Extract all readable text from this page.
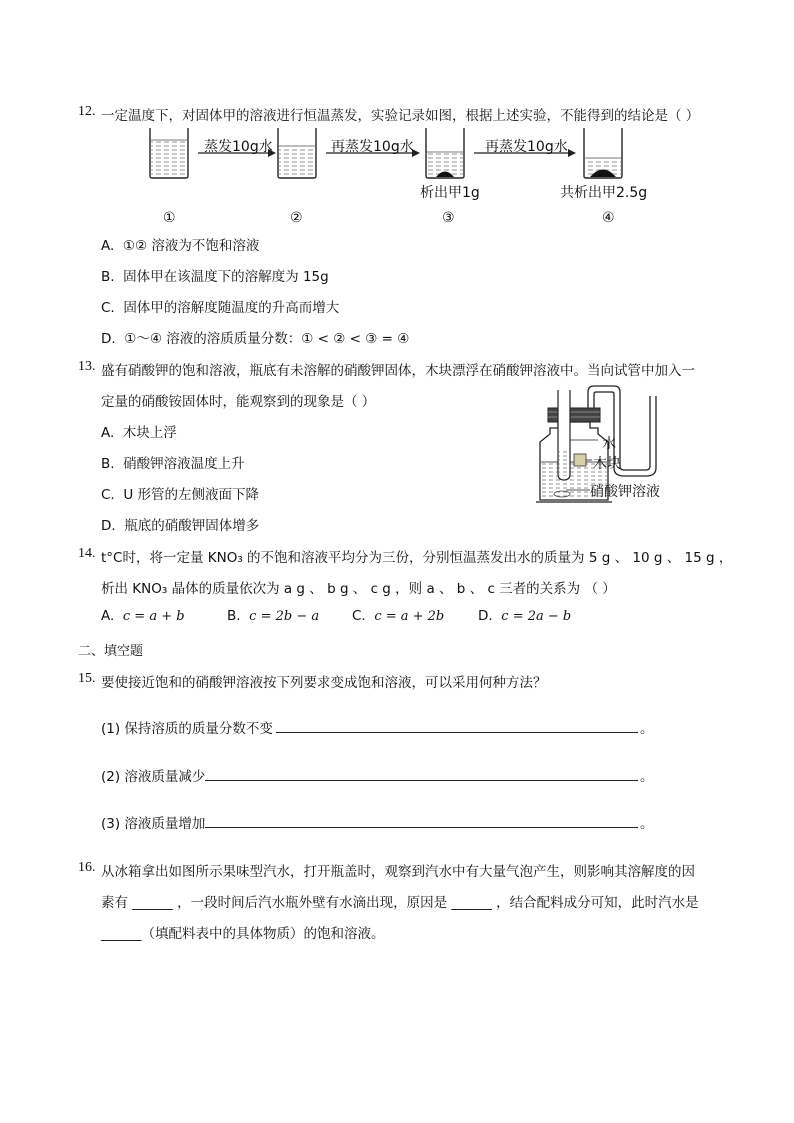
12. 一定温度下，对固体甲的溶液进行恒温蒸发，实验记录如图，根据上述实验，不能得到的结论是（ ）
蒸发10g水	再蒸发10g水	再蒸发10g水
析出甲1g	共析出甲2.5g
①	②	③	④
A. ①② 溶液为不饱和溶液
B. 固体甲在该温度下的溶解度为 15g
C. 固体甲的溶解度随温度的升高而增大
D. ①～④ 溶液的溶质质量分数：① < ② < ③ = ④
13. 盛有硝酸钾的饱和溶液，瓶底有未溶解的硝酸钾固体，木块漂浮在硝酸钾溶液中。当向试管中加入一
定量的硝酸铵固体时，能观察到的现象是（ ）
水
木块
硝酸钾溶液
A. 木块上浮
B. 硝酸钾溶液温度上升
C. U 形管的左侧液面下降
D. 瓶底的硝酸钾固体增多
14. t°C时，将一定量 KNO₃ 的不饱和溶液平均分为三份，分别恒温蒸发出水的质量为 5 g 、 10 g 、 15 g ，
析出 KNO₃ 晶体的质量依次为 a g 、 b g 、 c g ，则 a 、 b 、 c 三者的关系为 （ ）
A. c = a + b	B. c = 2b − a C. c = a + 2b D. c = 2a − b
二、填空题
15. 要使接近饱和的硝酸钾溶液按下列要求变成饱和溶液，可以采用何种方法？
(1) 保持溶质的质量分数不变	。
(2) 溶液质量减少	。
(3) 溶液质量增加	。
16. 从冰箱拿出如图所示果味型汽水，打开瓶盖时，观察到汽水中有大量气泡产生，则影响其溶解度的因
素有 ______ ，一段时间后汽水瓶外壁有水滴出现，原因是 ______ ，结合配料成分可知，此时汽水是
______（填配料表中的具体物质）的饱和溶液。
